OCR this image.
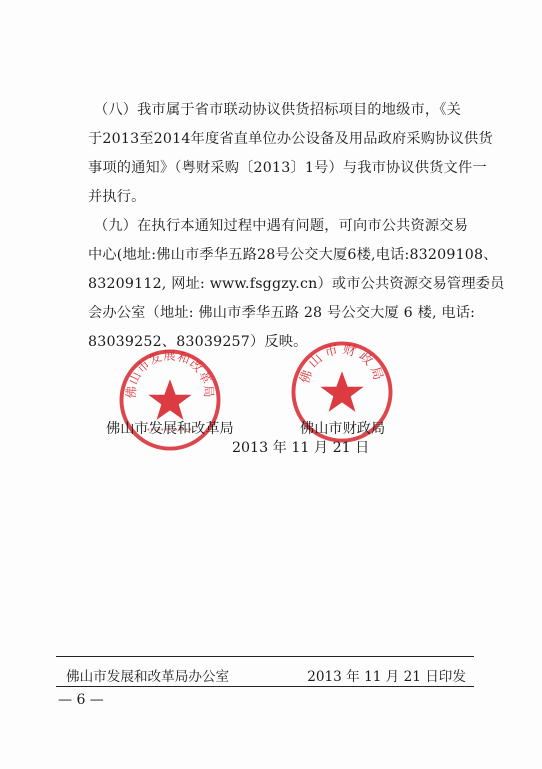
（八）我市属于省市联动协议供货招标项目的地级市，《关
于2013至2014年度省直单位办公设备及用品政府采购协议供货
事项的通知》（粤财采购〔2013〕1号）与我市协议供货文件一
并执行。
（九）在执行本通知过程中遇有问题，可向市公共资源交易
中心(地址:佛山市季华五路28号公交大厦6楼,电话:83209108、
83209112, 网址: www.fsggzy.cn）或市公共资源交易管理委员
会办公室（地址: 佛山市季华五路 28 号公交大厦 6 楼, 电话:
83039252、83039257）反映。
佛山市发展和改革局
佛山市财政局
佛山市发展和改革局	佛山市财政局
2013 年 11 月 21 日
佛山市发展和改革局办公室	2013 年 11 月 21 日印发
— 6 —
